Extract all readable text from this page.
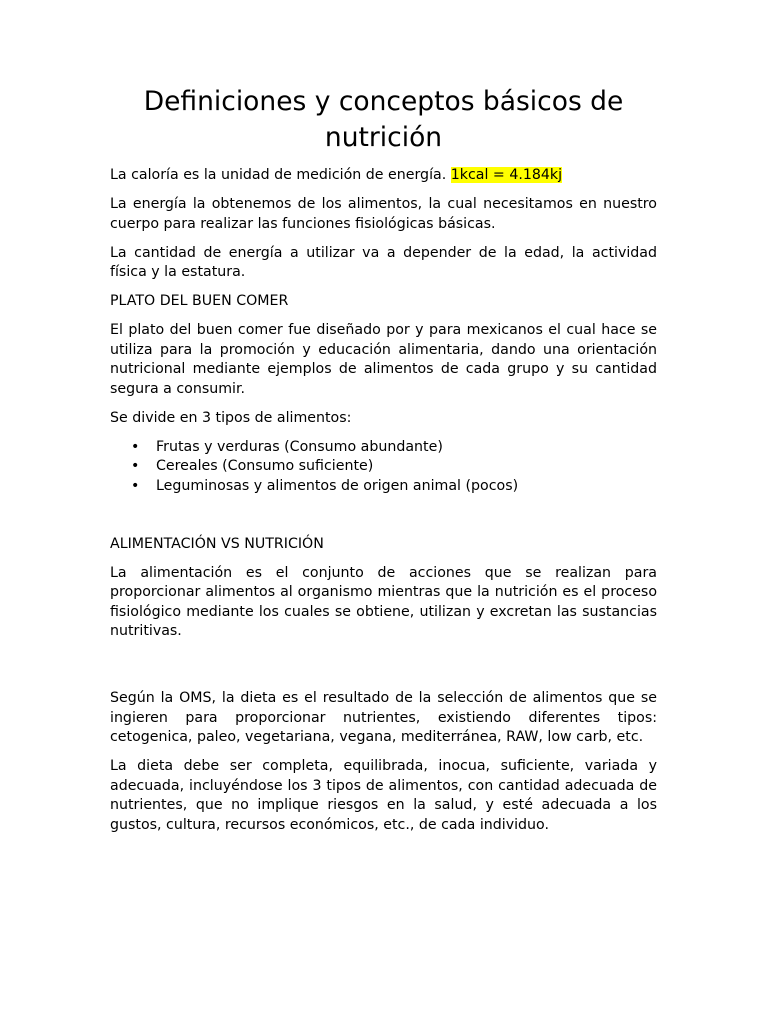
Definiciones y conceptos básicos de
nutrición

La caloría es la unidad de medición de energía. 1kcal = 4.184kj

La energía la obtenemos de los alimentos, la cual necesitamos en nuestro cuerpo para realizar las funciones fisiológicas básicas.

La cantidad de energía a utilizar va a depender de la edad, la actividad física y la estatura.

PLATO DEL BUEN COMER

El plato del buen comer fue diseñado por y para mexicanos el cual hace se utiliza para la promoción y educación alimentaria, dando una orientación nutricional mediante ejemplos de alimentos de cada grupo y su cantidad segura a consumir.

Se divide en 3 tipos de alimentos:

• Frutas y verduras (Consumo abundante)
• Cereales (Consumo suficiente)
• Leguminosas y alimentos de origen animal (pocos)

ALIMENTACIÓN VS NUTRICIÓN

La alimentación es el conjunto de acciones que se realizan para proporcionar alimentos al organismo mientras que la nutrición es el proceso fisiológico mediante los cuales se obtiene, utilizan y excretan las sustancias nutritivas.

Según la OMS, la dieta es el resultado de la selección de alimentos que se ingieren para proporcionar nutrientes, existiendo diferentes tipos: cetogenica, paleo, vegetariana, vegana, mediterránea, RAW, low carb, etc.

La dieta debe ser completa, equilibrada, inocua, suficiente, variada y adecuada, incluyéndose los 3 tipos de alimentos, con cantidad adecuada de nutrientes, que no implique riesgos en la salud, y esté adecuada a los gustos, cultura, recursos económicos, etc., de cada individuo.
